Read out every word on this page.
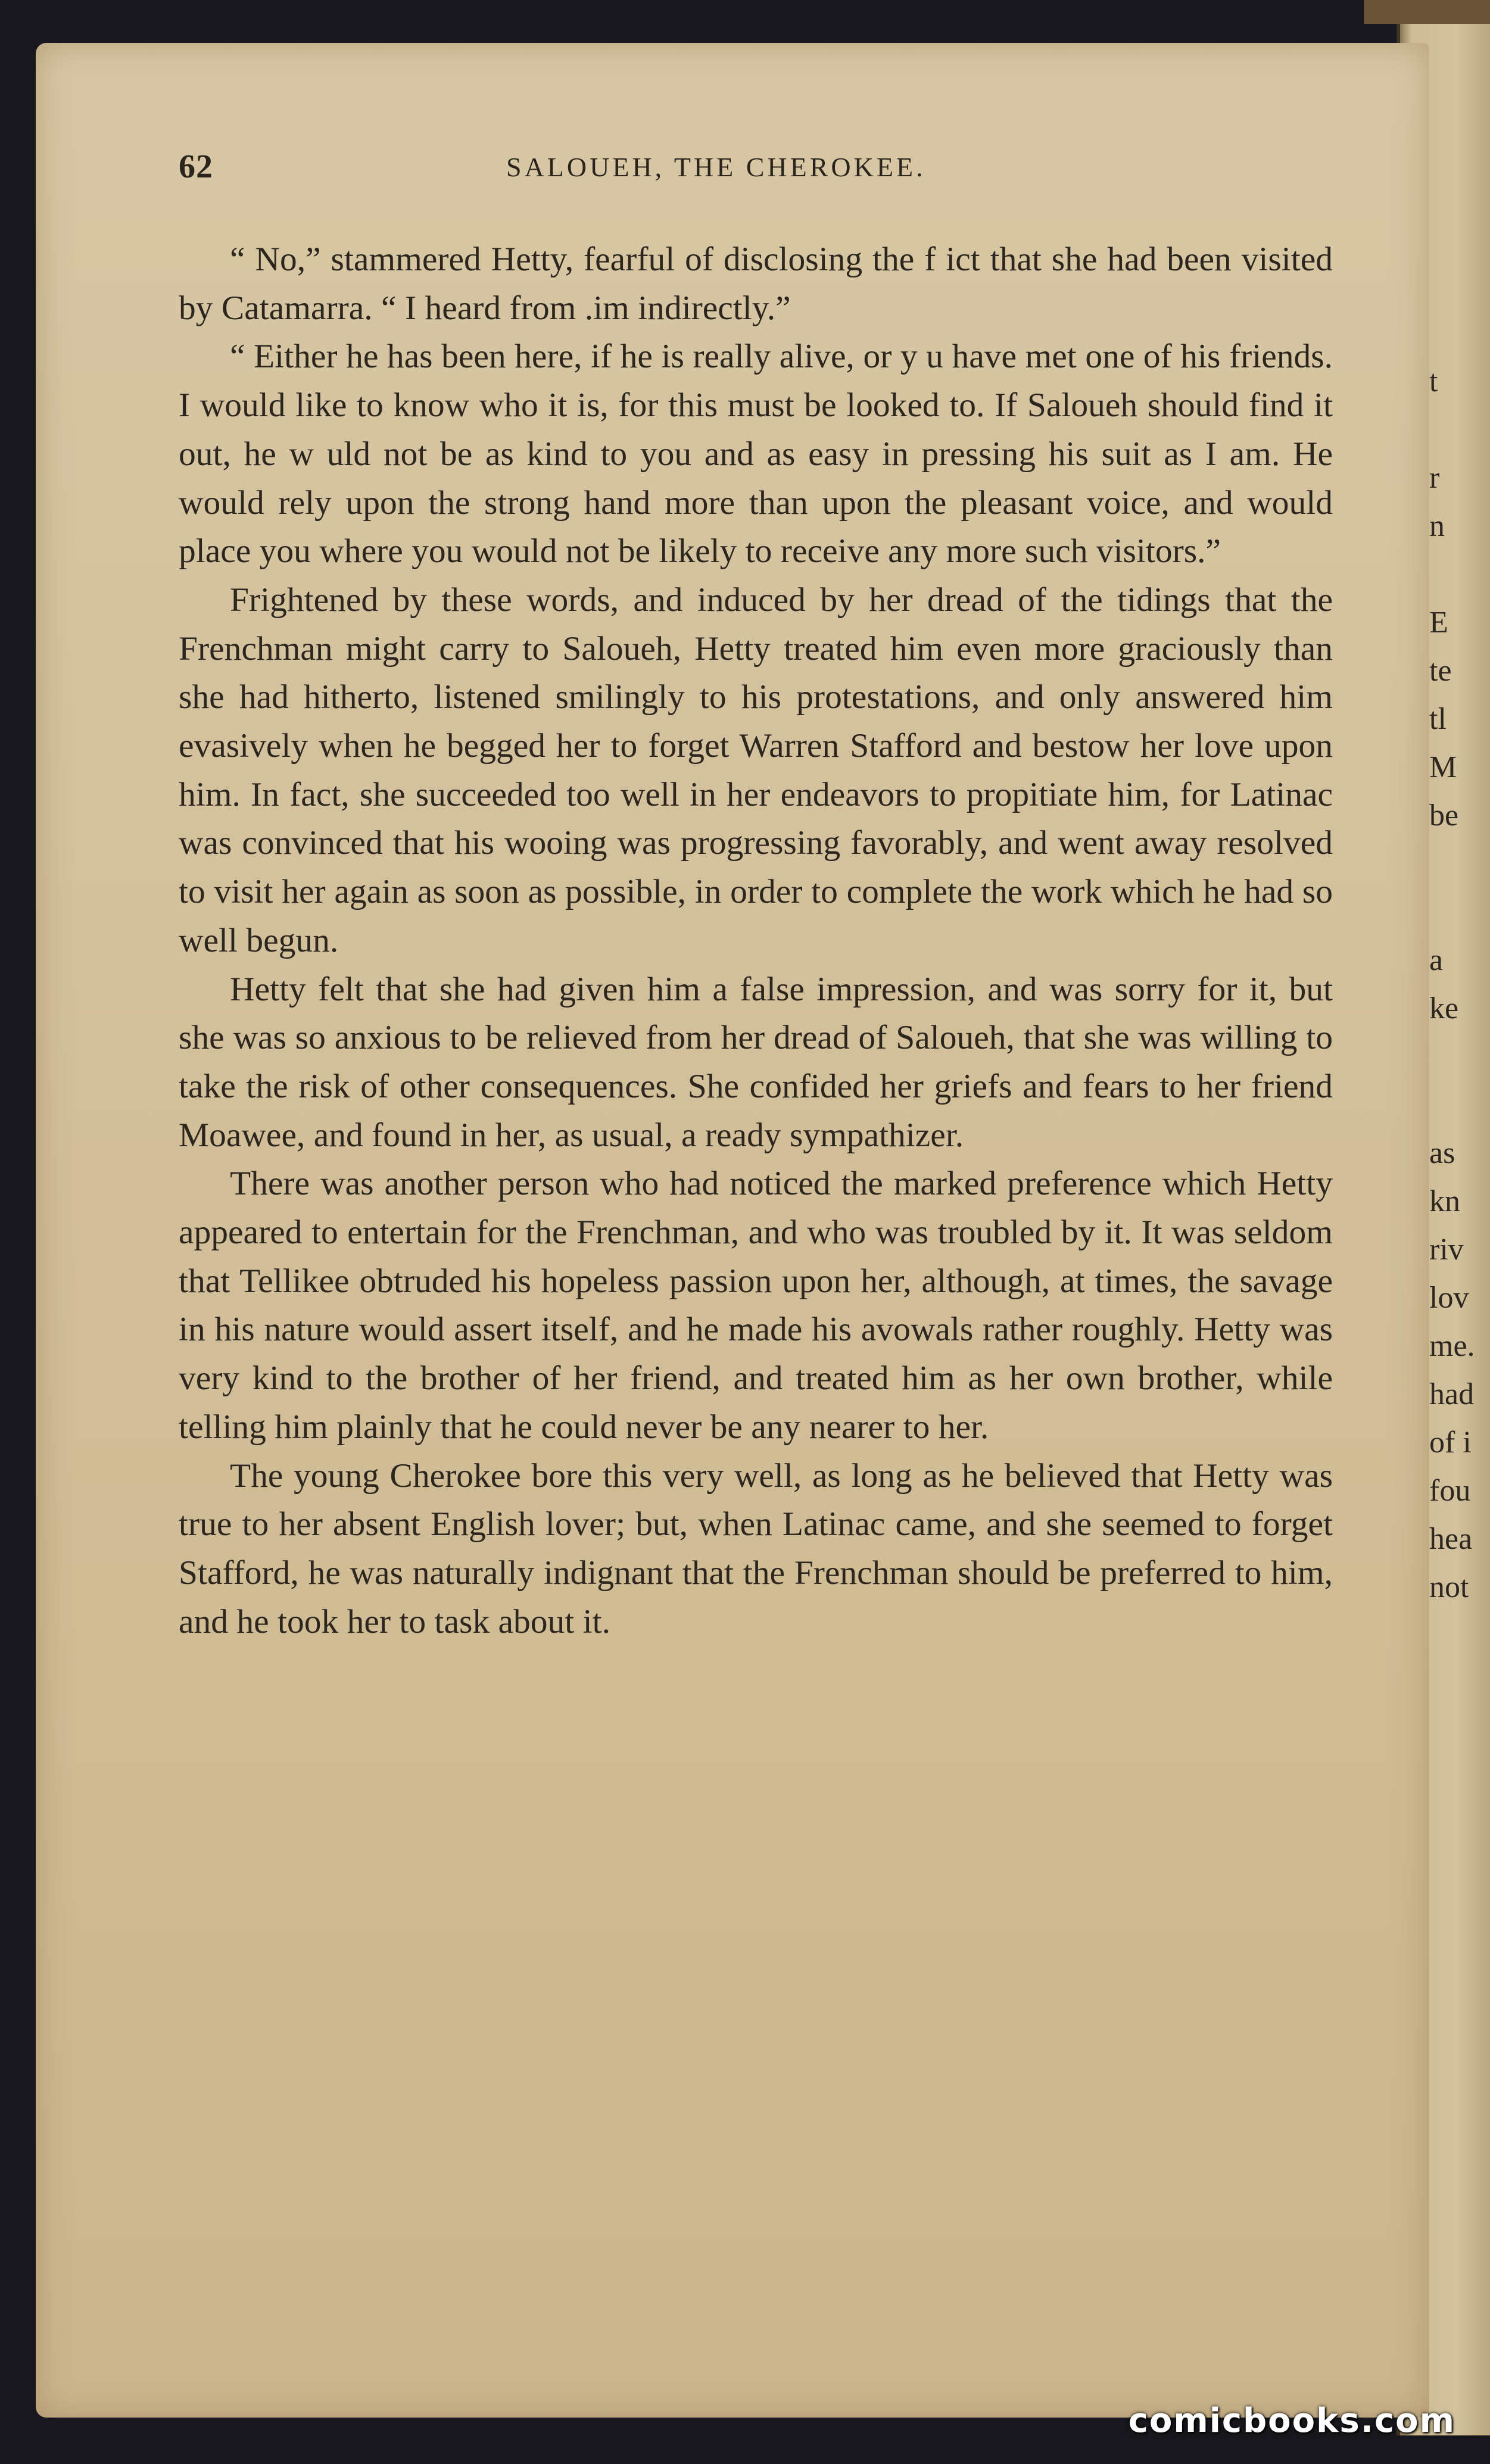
62	SALOUEH, THE CHEROKEE.

“ No,” stammered Hetty, fearful of disclosing the f ict that she had been visited by Catamarra. “ I heard from .im indirectly.”

“ Either he has been here, if he is really alive, or y u have met one of his friends. I would like to know who it is, for this must be looked to. If Saloueh should find it out, he w uld not be as kind to you and as easy in pressing his suit as I am. He would rely upon the strong hand more than upon the pleasant voice, and would place you where you would not be likely to receive any more such visitors.”

Frightened by these words, and induced by her dread of the tidings that the Frenchman might carry to Saloueh, Hetty treated him even more graciously than she had hitherto, listened smilingly to his protestations, and only answered him evasively when he begged her to forget Warren Stafford and bestow her love upon him. In fact, she succeeded too well in her endeavors to propitiate him, for Latinac was convinced that his wooing was progressing favorably, and went away resolved to visit her again as soon as possible, in order to complete the work which he had so well begun.

Hetty felt that she had given him a false impression, and was sorry for it, but she was so anxious to be relieved from her dread of Saloueh, that she was willing to take the risk of other consequences. She confided her griefs and fears to her friend Moawee, and found in her, as usual, a ready sympathizer.

There was another person who had noticed the marked preference which Hetty appeared to entertain for the Frenchman, and who was troubled by it. It was seldom that Tellikee obtruded his hopeless passion upon her, although, at times, the savage in his nature would assert itself, and he made his avowals rather roughly. Hetty was very kind to the brother of her friend, and treated him as her own brother, while telling him plainly that he could never be any nearer to her.

The young Cherokee bore this very well, as long as he believed that Hetty was true to her absent English lover; but, when Latinac came, and she seemed to forget Stafford, he was naturally indignant that the Frenchman should be preferred to him, and he took her to task about it.

t
r
n
E
te
tl
M
be
a
ke
as
kn
riv
lov
me.
had
of i
fou
hea
not
comicbooks.com
